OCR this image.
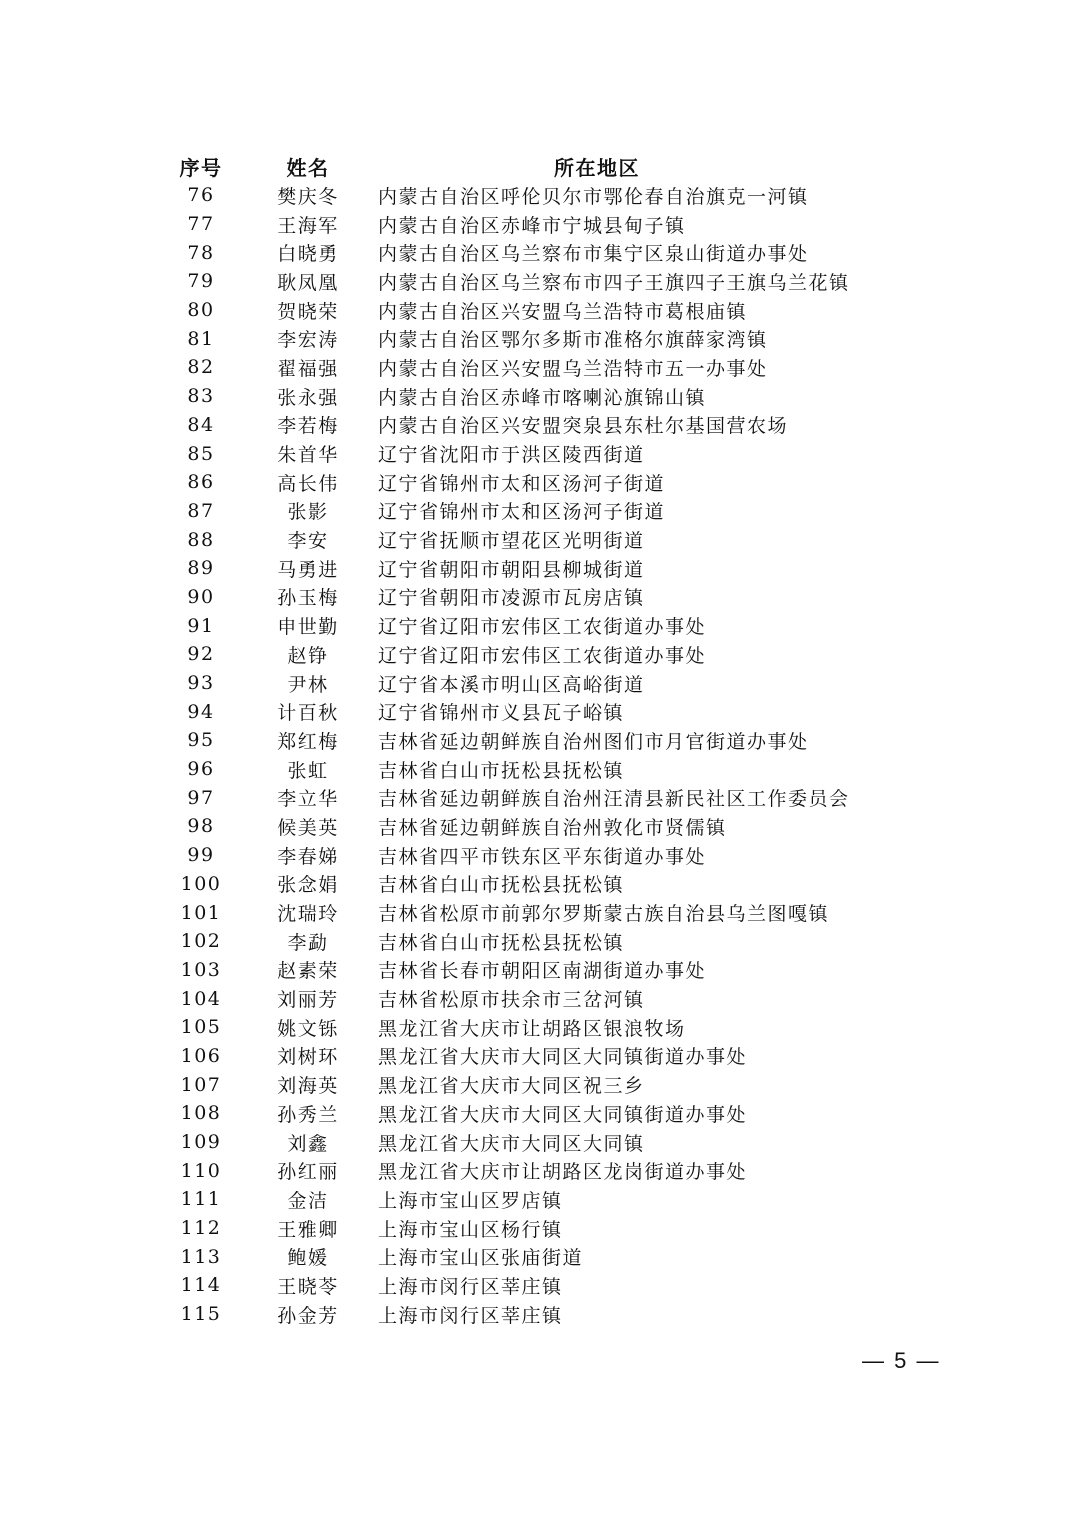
序号	姓名	所在地区
76	樊庆冬	内蒙古自治区呼伦贝尔市鄂伦春自治旗克一河镇
77	王海军	内蒙古自治区赤峰市宁城县甸子镇
78	白晓勇	内蒙古自治区乌兰察布市集宁区泉山街道办事处
79	耿凤凰	内蒙古自治区乌兰察布市四子王旗四子王旗乌兰花镇
80	贺晓荣	内蒙古自治区兴安盟乌兰浩特市葛根庙镇
81	李宏涛	内蒙古自治区鄂尔多斯市准格尔旗薛家湾镇
82	翟福强	内蒙古自治区兴安盟乌兰浩特市五一办事处
83	张永强	内蒙古自治区赤峰市喀喇沁旗锦山镇
84	李若梅	内蒙古自治区兴安盟突泉县东杜尔基国营农场
85	朱首华	辽宁省沈阳市于洪区陵西街道
86	高长伟	辽宁省锦州市太和区汤河子街道
87	张影	辽宁省锦州市太和区汤河子街道
88	李安	辽宁省抚顺市望花区光明街道
89	马勇进	辽宁省朝阳市朝阳县柳城街道
90	孙玉梅	辽宁省朝阳市凌源市瓦房店镇
91	申世勤	辽宁省辽阳市宏伟区工农街道办事处
92	赵铮	辽宁省辽阳市宏伟区工农街道办事处
93	尹林	辽宁省本溪市明山区高峪街道
94	计百秋	辽宁省锦州市义县瓦子峪镇
95	郑红梅	吉林省延边朝鲜族自治州图们市月官街道办事处
96	张虹	吉林省白山市抚松县抚松镇
97	李立华	吉林省延边朝鲜族自治州汪清县新民社区工作委员会
98	候美英	吉林省延边朝鲜族自治州敦化市贤儒镇
99	李春娣	吉林省四平市铁东区平东街道办事处
100	张念娟	吉林省白山市抚松县抚松镇
101	沈瑞玲	吉林省松原市前郭尔罗斯蒙古族自治县乌兰图嘎镇
102	李勐	吉林省白山市抚松县抚松镇
103	赵素荣	吉林省长春市朝阳区南湖街道办事处
104	刘丽芳	吉林省松原市扶余市三岔河镇
105	姚文铄	黑龙江省大庆市让胡路区银浪牧场
106	刘树环	黑龙江省大庆市大同区大同镇街道办事处
107	刘海英	黑龙江省大庆市大同区祝三乡
108	孙秀兰	黑龙江省大庆市大同区大同镇街道办事处
109	刘鑫	黑龙江省大庆市大同区大同镇
110	孙红丽	黑龙江省大庆市让胡路区龙岗街道办事处
111	金洁	上海市宝山区罗店镇
112	王雅卿	上海市宝山区杨行镇
113	鲍媛	上海市宝山区张庙街道
114	王晓苓	上海市闵行区莘庄镇
115	孙金芳	上海市闵行区莘庄镇
— 5 —
